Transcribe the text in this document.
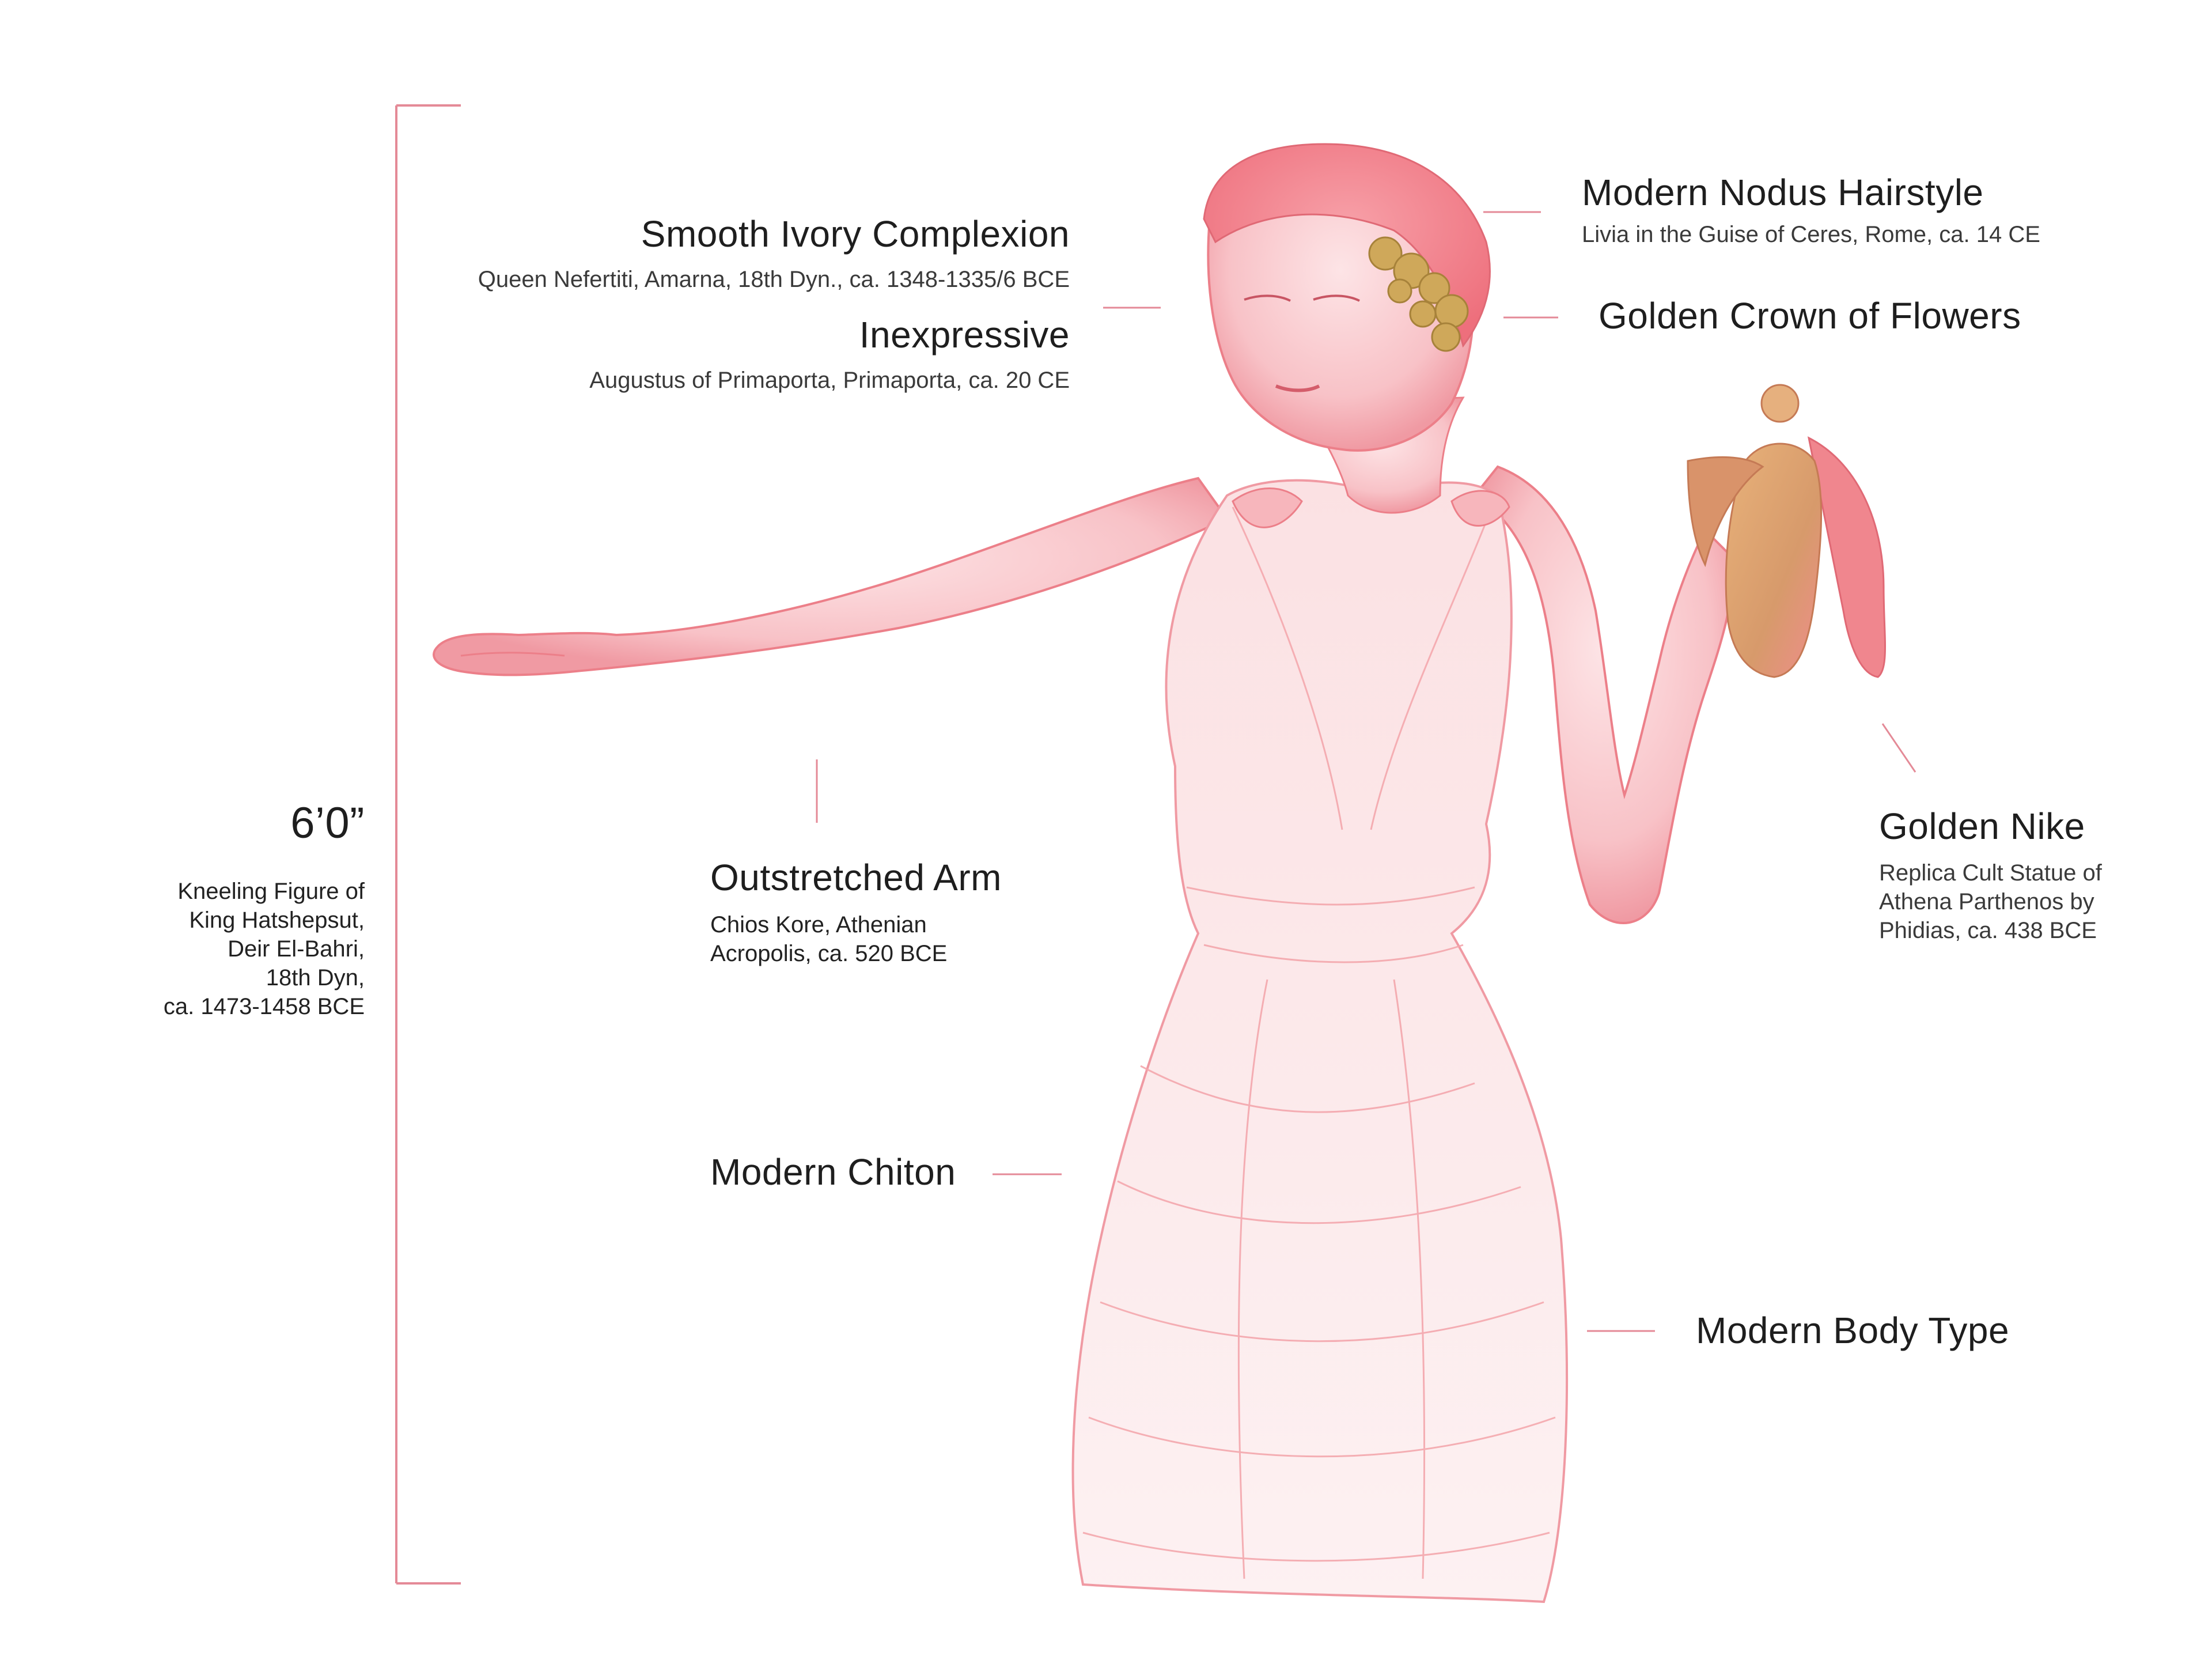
6’0”
Kneeling Figure of
King Hatshepsut,
Deir El-Bahri,
18th Dyn,
ca. 1473-1458 BCE
Smooth Ivory Complexion
Queen Nefertiti, Amarna, 18th Dyn., ca. 1348-1335/6 BCE
Inexpressive
Augustus of Primaporta, Primaporta, ca. 20 CE
Modern Nodus Hairstyle
Livia in the Guise of Ceres, Rome, ca. 14 CE
Golden Crown of Flowers
Golden Nike
Replica Cult Statue of
Athena Parthenos by
Phidias, ca. 438 BCE
Outstretched Arm
Chios Kore, Athenian
Acropolis, ca. 520 BCE
Modern Chiton
Modern Body Type
